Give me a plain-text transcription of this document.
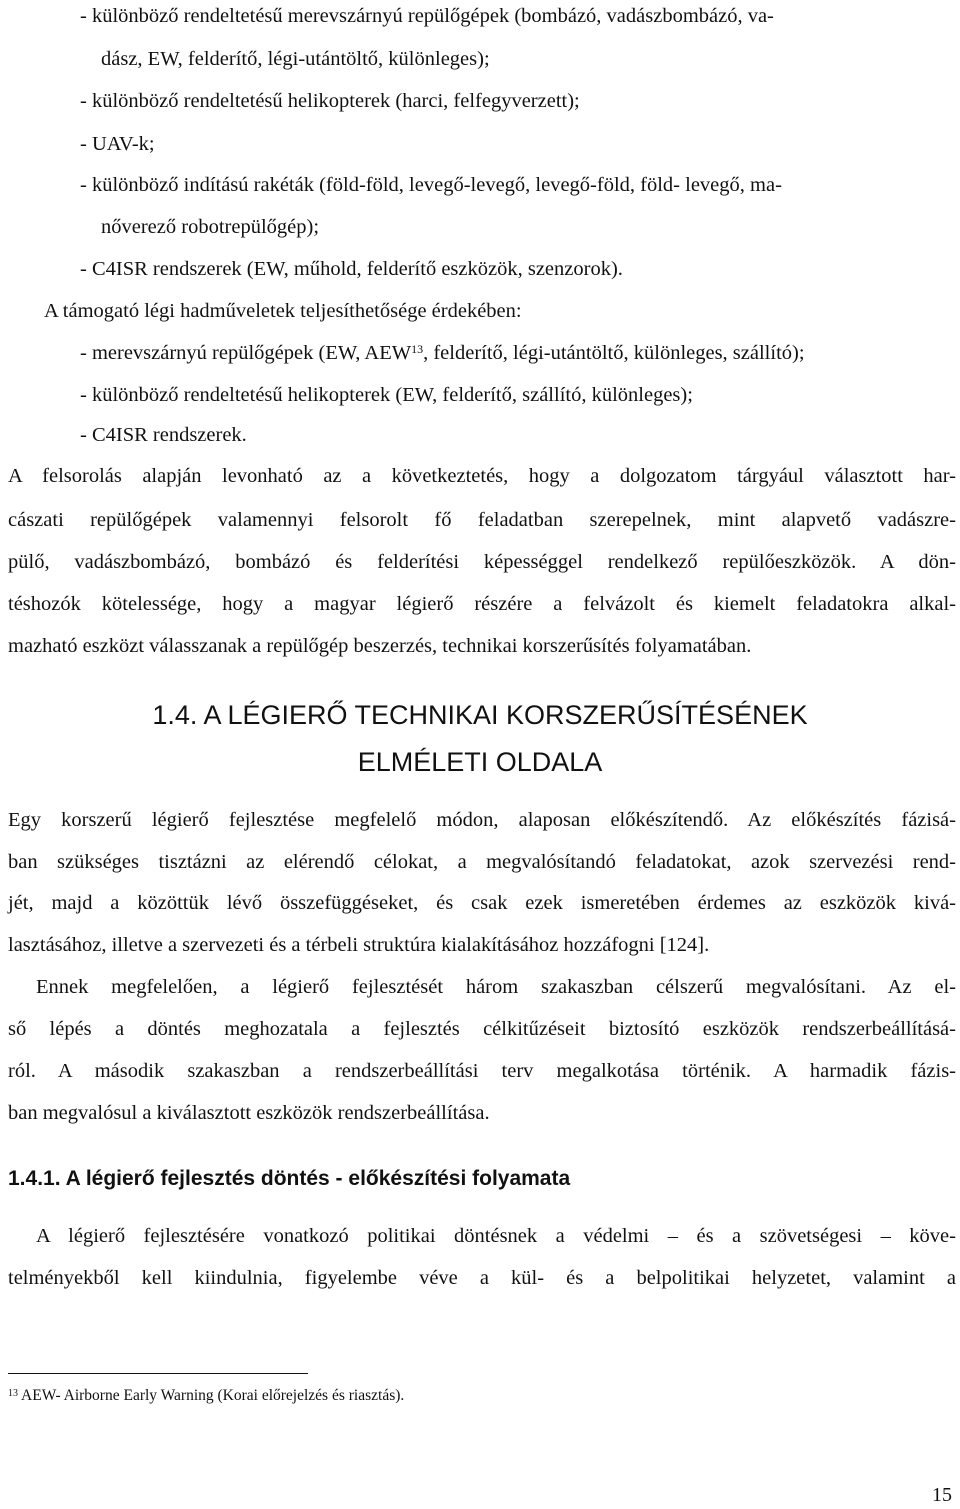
- különböző rendeltetésű merevszárnyú repülőgépek (bombázó, vadászbombázó, va-
dász, EW, felderítő, légi-utántöltő, különleges);
- különböző rendeltetésű helikopterek (harci, felfegyverzett);
- UAV-k;
- különböző indítású rakéták (föld-föld, levegő-levegő, levegő-föld, föld- levegő, ma-
nőverező robotrepülőgép);
- C4ISR rendszerek (EW, műhold, felderítő eszközök, szenzorok).
A támogató légi hadműveletek teljesíthetősége érdekében:
- merevszárnyú repülőgépek (EW, AEW$^{13}$, felderítő, légi-utántöltő, különleges, szállító);
- különböző rendeltetésű helikopterek (EW, felderítő, szállító, különleges);
- C4ISR rendszerek.
A felsorolás alapján levonható az a következtetés, hogy a dolgozatom tárgyául választott har-
cászati repülőgépek valamennyi felsorolt fő feladatban szerepelnek, mint alapvető vadászre-
pülő, vadászbombázó, bombázó és felderítési képességgel rendelkező repülőeszközök. A dön-
téshozók kötelessége, hogy a magyar légierő részére a felvázolt és kiemelt feladatokra alkal-
mazható eszközt válasszanak a repülőgép beszerzés, technikai korszerűsítés folyamatában.
1.4. A LÉGIERŐ TECHNIKAI KORSZERŰSÍTÉSÉNEK
ELMÉLETI OLDALA
Egy korszerű légierő fejlesztése megfelelő módon, alaposan előkészítendő. Az előkészítés fázisá-
ban szükséges tisztázni az elérendő célokat, a megvalósítandó feladatokat, azok szervezési rend-
jét, majd a közöttük lévő összefüggéseket, és csak ezek ismeretében érdemes az eszközök kivá-
lasztásához, illetve a szervezeti és a térbeli struktúra kialakításához hozzáfogni [124].
Ennek megfelelően, a légierő fejlesztését három szakaszban célszerű megvalósítani. Az el-
ső lépés a döntés meghozatala a fejlesztés célkitűzéseit biztosító eszközök rendszerbeállításá-
ról. A második szakaszban a rendszerbeállítási terv megalkotása történik. A harmadik fázis-
ban megvalósul a kiválasztott eszközök rendszerbeállítása.
1.4.1. A légierő fejlesztés döntés - előkészítési folyamata
A légierő fejlesztésére vonatkozó politikai döntésnek a védelmi – és a szövetségesi – köve-
telményekből kell kiindulnia, figyelembe véve a kül- és a belpolitikai helyzetet, valamint a
$^{13}$ AEW- Airborne Early Warning (Korai előrejelzés és riasztás).
15
